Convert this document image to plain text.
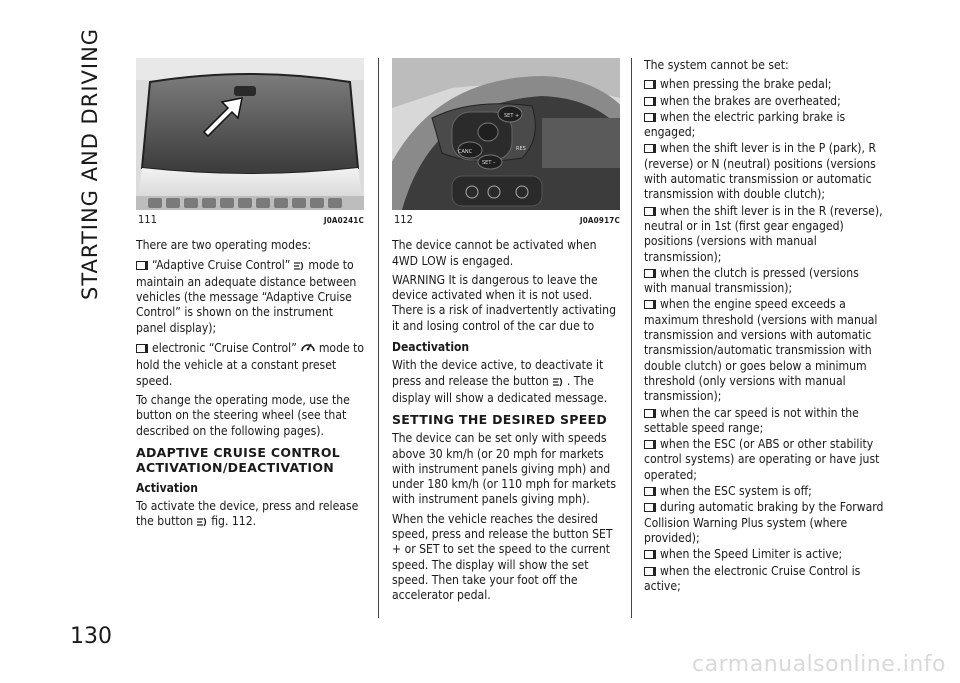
STARTING AND DRIVING
130
111	J0A0241C

There are two operating modes:

“Adaptive Cruise Control” mode to maintain an adequate distance between vehicles (the message “Adaptive Cruise Control” is shown on the instrument panel display);

electronic “Cruise Control” mode to hold the vehicle at a constant preset speed.

To change the operating mode, use the button on the steering wheel (see that described on the following pages).

ADAPTIVE CRUISE CONTROL ACTIVATION/DEACTIVATION
Activation

To activate the device, press and release the button fig. 112.

CANC
SET +
SET –
RES
112	J0A0917C

The device cannot be activated when 4WD LOW is engaged.

WARNING It is dangerous to leave the device activated when it is not used. There is a risk of inadvertently activating it and losing control of the car due to

Deactivation

With the device active, to deactivate it press and release the button . The display will show a dedicated message.

SETTING THE DESIRED SPEED

The device can be set only with speeds above 30 km/h (or 20 mph for markets with instrument panels giving mph) and under 180 km/h (or 110 mph for markets with instrument panels giving mph).

When the vehicle reaches the desired speed, press and release the button SET + or SET to set the speed to the current speed. The display will show the set speed. Then take your foot off the accelerator pedal.

The system cannot be set:

when pressing the brake pedal;
when the brakes are overheated;
when the electric parking brake is engaged;
when the shift lever is in the P (park), R (reverse) or N (neutral) positions (versions with automatic transmission or automatic transmission with double clutch);
when the shift lever is in the R (reverse), neutral or in 1st (first gear engaged) positions (versions with manual transmission);
when the clutch is pressed (versions with manual transmission);
when the engine speed exceeds a maximum threshold (versions with manual transmission and versions with automatic transmission/automatic transmission with double clutch) or goes below a minimum threshold (only versions with manual transmission);
when the car speed is not within the settable speed range;
when the ESC (or ABS or other stability control systems) are operating or have just operated;
when the ESC system is off;
during automatic braking by the Forward Collision Warning Plus system (where provided);
when the Speed Limiter is active;
when the electronic Cruise Control is active;
carmanualsonline.info
